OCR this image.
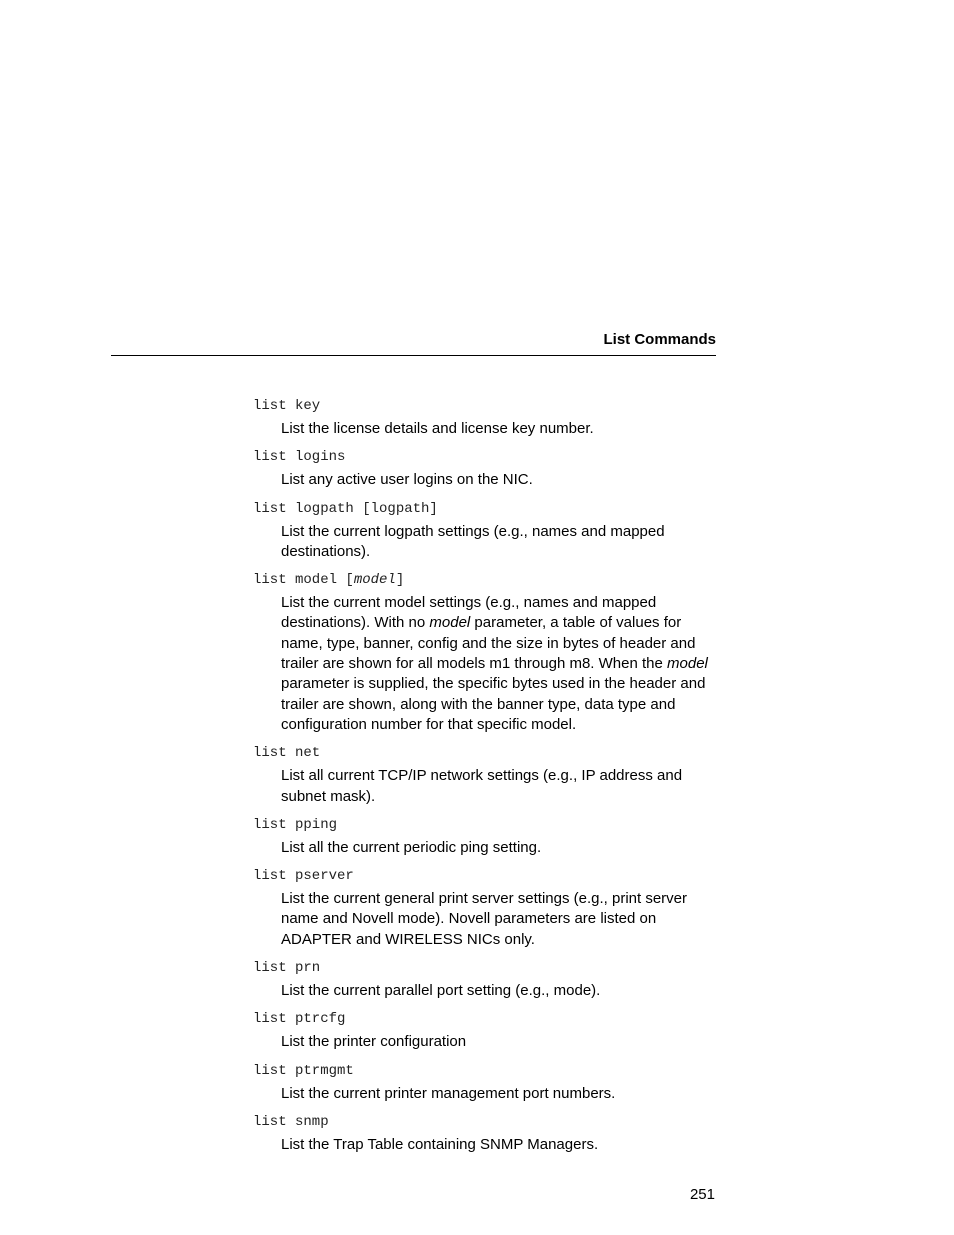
List Commands
list key
List the license details and license key number.
list logins
List any active user logins on the NIC.
list logpath [logpath]
List the current logpath settings (e.g., names and mapped destinations).
list model [model]
List the current model settings (e.g., names and mapped destinations). With no model parameter, a table of values for name, type, banner, config and the size in bytes of header and trailer are shown for all models m1 through m8. When the model parameter is supplied, the specific bytes used in the header and trailer are shown, along with the banner type, data type and configuration number for that specific model.
list net
List all current TCP/IP network settings (e.g., IP address and subnet mask).
list pping
List all the current periodic ping setting.
list pserver
List the current general print server settings (e.g., print server name and Novell mode). Novell parameters are listed on ADAPTER and WIRELESS NICs only.
list prn
List the current parallel port setting (e.g., mode).
list ptrcfg
List the printer configuration
list ptrmgmt
List the current printer management port numbers.
list snmp
List the Trap Table containing SNMP Managers.
251
